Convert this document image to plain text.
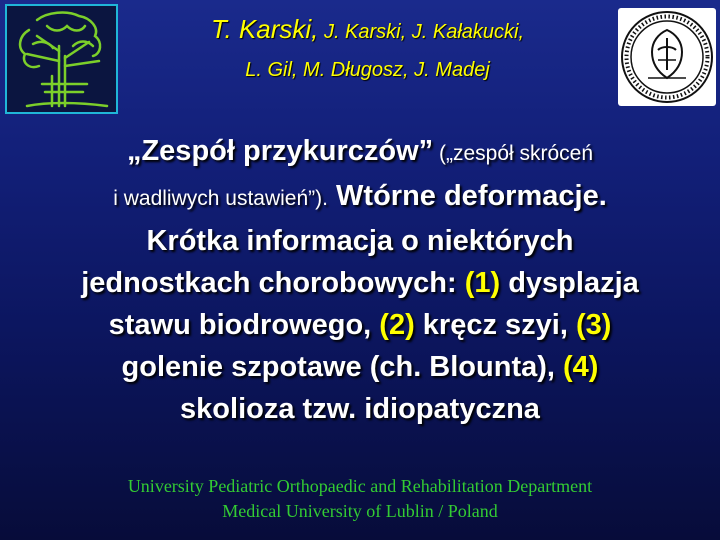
T. Karski, J. Karski, J. Kałakucki,
L. Gil, M. Długosz, J. Madej
„Zespół przykurczów” („zespół skróceń
i wadliwych ustawień”). Wtórne deformacje.
Krótka informacja o niektórych
jednostkach chorobowych: (1) dysplazja
stawu biodrowego, (2) kręcz szyi, (3)
golenie szpotawe (ch. Blounta), (4)
skolioza tzw. idiopatyczna
University Pediatric Orthopaedic and Rehabilitation Department
Medical University of Lublin / Poland
